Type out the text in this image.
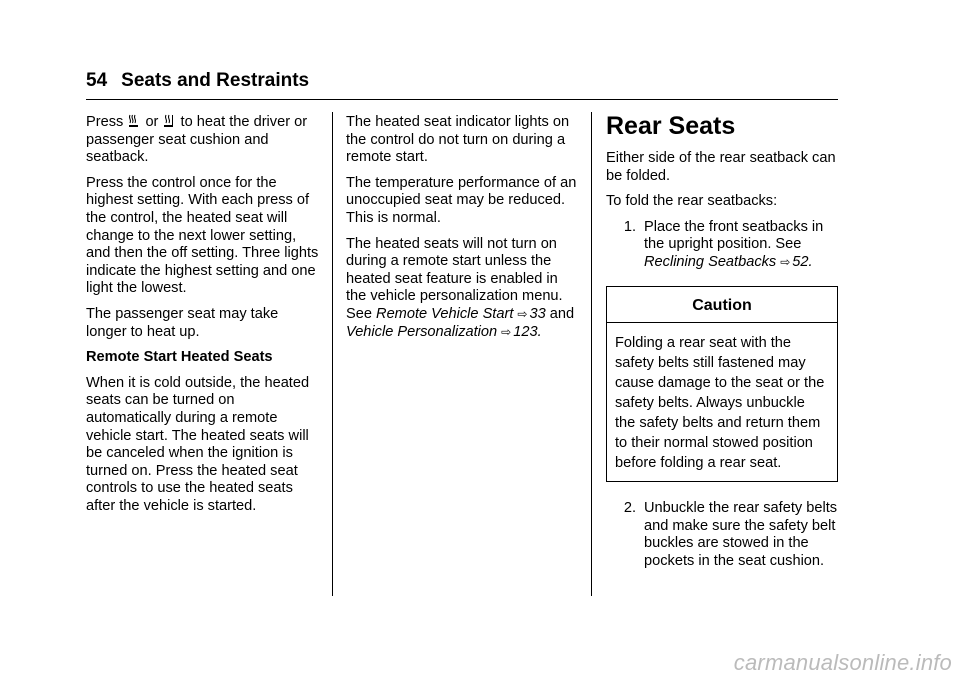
54 Seats and Restraints

Press or to heat the driver or
passenger seat cushion and seatback.

Press the control once for the highest setting. With each press of the control, the heated seat will change to the next lower setting, and then the off setting. Three lights indicate the highest setting and one light the lowest.

The passenger seat may take longer to heat up.

Remote Start Heated Seats

When it is cold outside, the heated seats can be turned on automatically during a remote vehicle start. The heated seats will be canceled when the ignition is turned on. Press the heated seat controls to use the heated seats after the vehicle is started.

The heated seat indicator lights on the control do not turn on during a remote start.

The temperature performance of an unoccupied seat may be reduced. This is normal.

The heated seats will not turn on during a remote start unless the heated seat feature is enabled in the vehicle personalization menu. See Remote Vehicle Start ⇨ 33 and Vehicle Personalization ⇨ 123.

Rear Seats

Either side of the rear seatback can be folded.

To fold the rear seatbacks:

1. Place the front seatbacks in the upright position. See Reclining Seatbacks ⇨ 52.
Caution
Folding a rear seat with the safety belts still fastened may cause damage to the seat or the safety belts. Always unbuckle the safety belts and return them to their normal stowed position before folding a rear seat.
2. Unbuckle the rear safety belts and make sure the safety belt buckles are stowed in the pockets in the seat cushion.
carmanualsonline.info
